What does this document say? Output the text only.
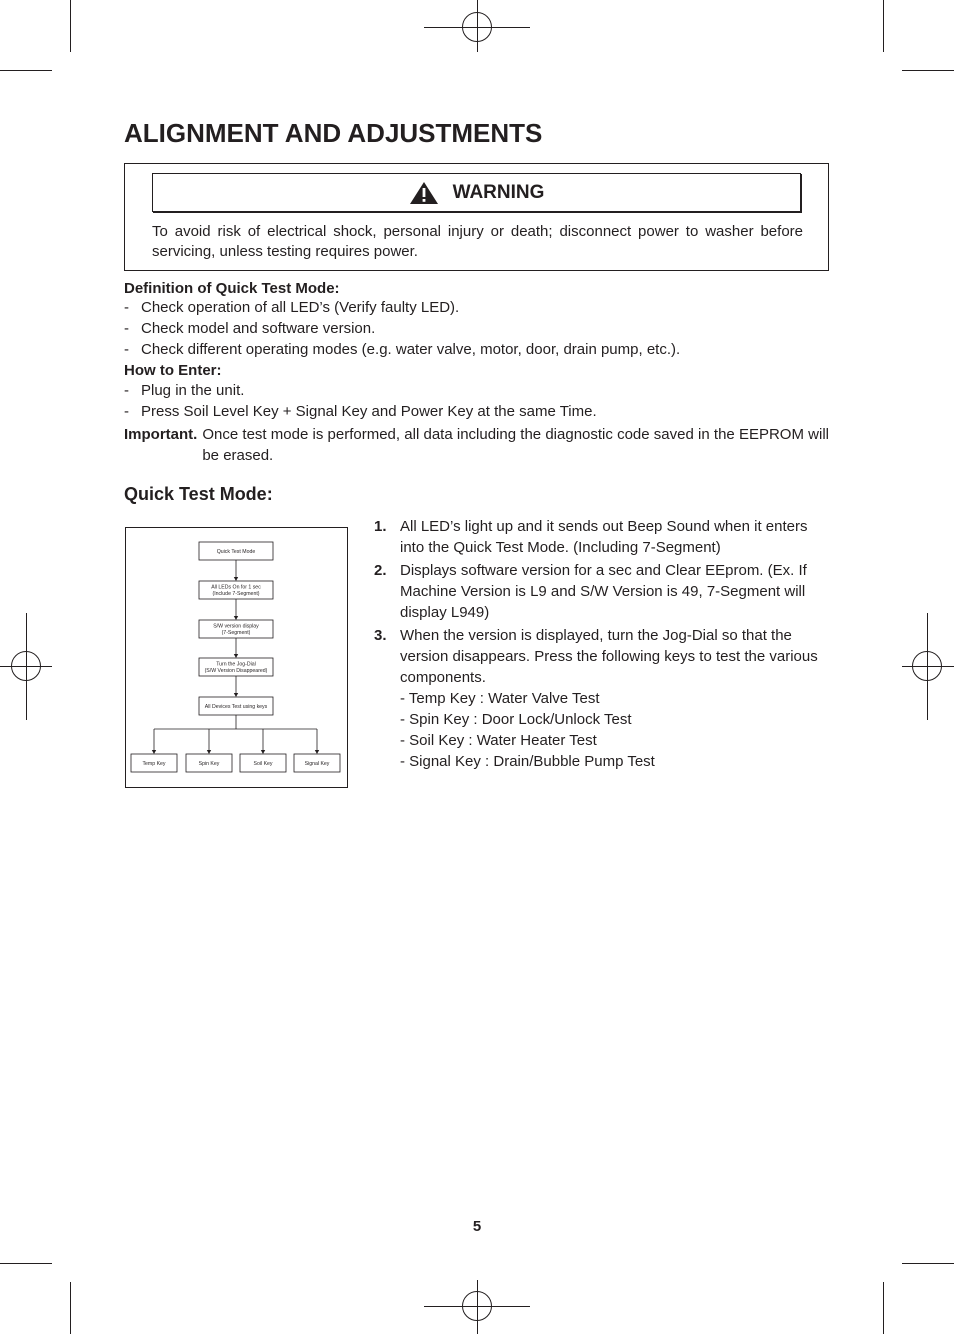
ALIGNMENT AND ADJUSTMENTS
WARNING
To avoid risk of electrical shock, personal injury or death; disconnect power to washer before servicing, unless testing requires power.
Definition of Quick Test Mode:
- Check operation of all LED’s (Verify faulty LED).
- Check model and software version.
- Check different operating modes (e.g. water valve, motor, door, drain pump, etc.).
How to Enter:
- Plug in the unit.
- Press Soil Level Key + Signal Key and Power Key at the same Time.
Important. Once test mode is performed, all data including the diagnostic code saved in the EEPROM will be erased.
Quick Test Mode:
Quick Test Mode
All LEDs On for 1 sec
(Include 7-Segment)
S/W version display
(7-Segment)
Turn the Jog-Dial
(S/W Version Disappeared)
All Devices Test using keys
Temp Key	Spin Key	Soil Key	Signal Key
1. All LED’s light up and it sends out Beep Sound when it enters into the Quick Test Mode. (Including 7-Segment)
2. Displays software version for a sec and Clear EEprom. (Ex. If Machine Version is L9 and S/W Version is 49, 7-Segment will display L949)
3. When the version is displayed, turn the Jog-Dial so that the version disappears. Press the following keys to test the various components.
- Temp Key : Water Valve Test
- Spin Key : Door Lock/Unlock Test
- Soil Key : Water Heater Test
- Signal Key : Drain/Bubble Pump Test
5
